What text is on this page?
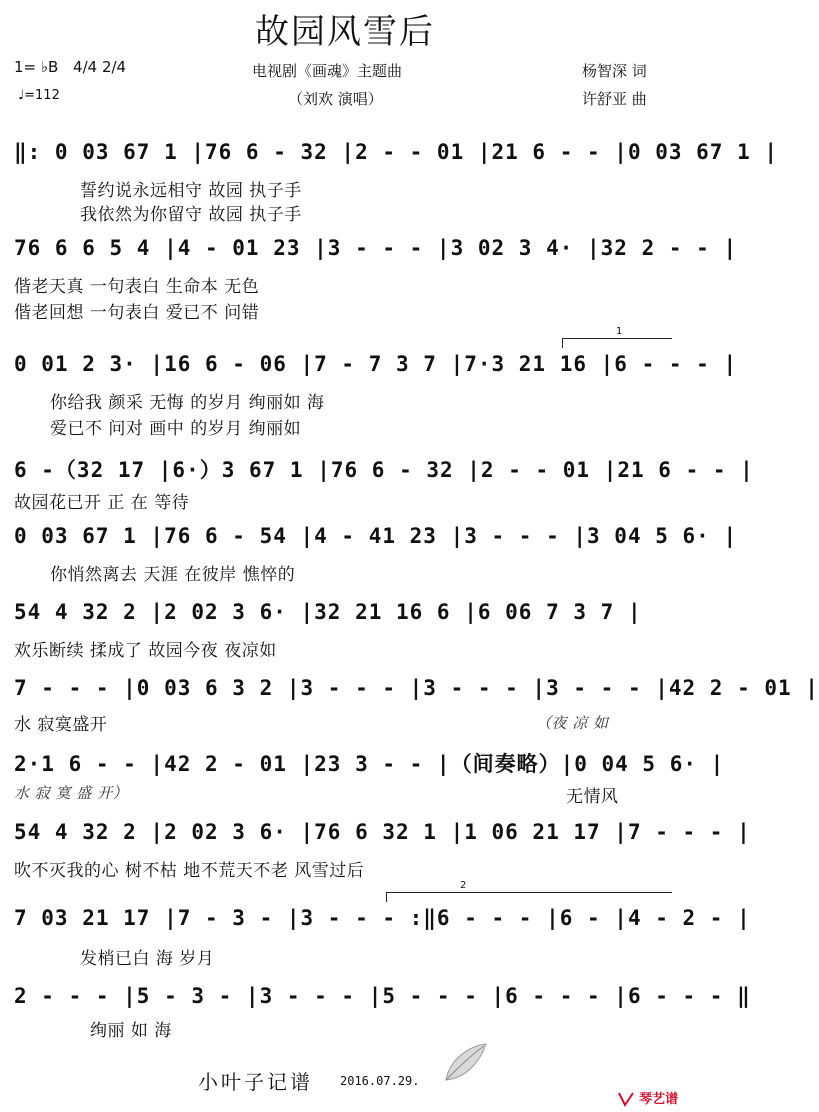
故园风雪后
1= ♭B 4/4 2/4
♩=112
电视剧《画魂》主题曲
（刘欢 演唱）
杨智深 词
许舒亚 曲
1
2
‖: 0 03 67 1 |76 6 - 32 |2 - - 01 |21 6 - - |0 03 67 1 |
誓约说永远相守 故园 执子手
我依然为你留守 故园 执子手
76 6 6 5 4 |4 - 01 23 |3 - - - |3 02 3 4· |32 2 - - |
偕老天真 一句表白 生命本 无色
偕老回想 一句表白 爱已不 问错
0 01 2 3· |16 6 - 06 |7 - 7 3 7 |7·3 21 16 |6 - - - |
你给我 颜采 无悔 的岁月 绚丽如 海
爱已不 问对 画中 的岁月 绚丽如
6 -（32 17 |6·）3 67 1 |76 6 - 32 |2 - - 01 |21 6 - - |
故园花已开 正 在 等待
0 03 67 1 |76 6 - 54 |4 - 41 23 |3 - - - |3 04 5 6· |
你悄然离去 天涯 在彼岸 憔悴的
54 4 32 2 |2 02 3 6· |32 21 16 6 |6 06 7 3 7 |
欢乐断续 揉成了 故园今夜 夜凉如
7 - - - |0 03 6 3 2 |3 - - - |3 - - - |3 - - - |42 2 - 01 |
水 寂寞盛开	（夜 凉 如
2·1 6 - - |42 2 - 01 |23 3 - - |（间奏略）|0 04 5 6· |
水 寂 寞 盛 开）	无情风
54 4 32 2 |2 02 3 6· |76 6 32 1 |1 06 21 17 |7 - - - |
吹不灭我的心 树不枯 地不荒天不老 风雪过后
7 03 21 17 |7 - 3 - |3 - - - :‖6 - - - |6 - |4 - 2 - |
发梢已白 海 岁月
2 - - - |5 - 3 - |3 - - - |5 - - - |6 - - - |6 - - - ‖
绚丽 如 海
小叶子记谱 2016.07.29.
琴艺谱
